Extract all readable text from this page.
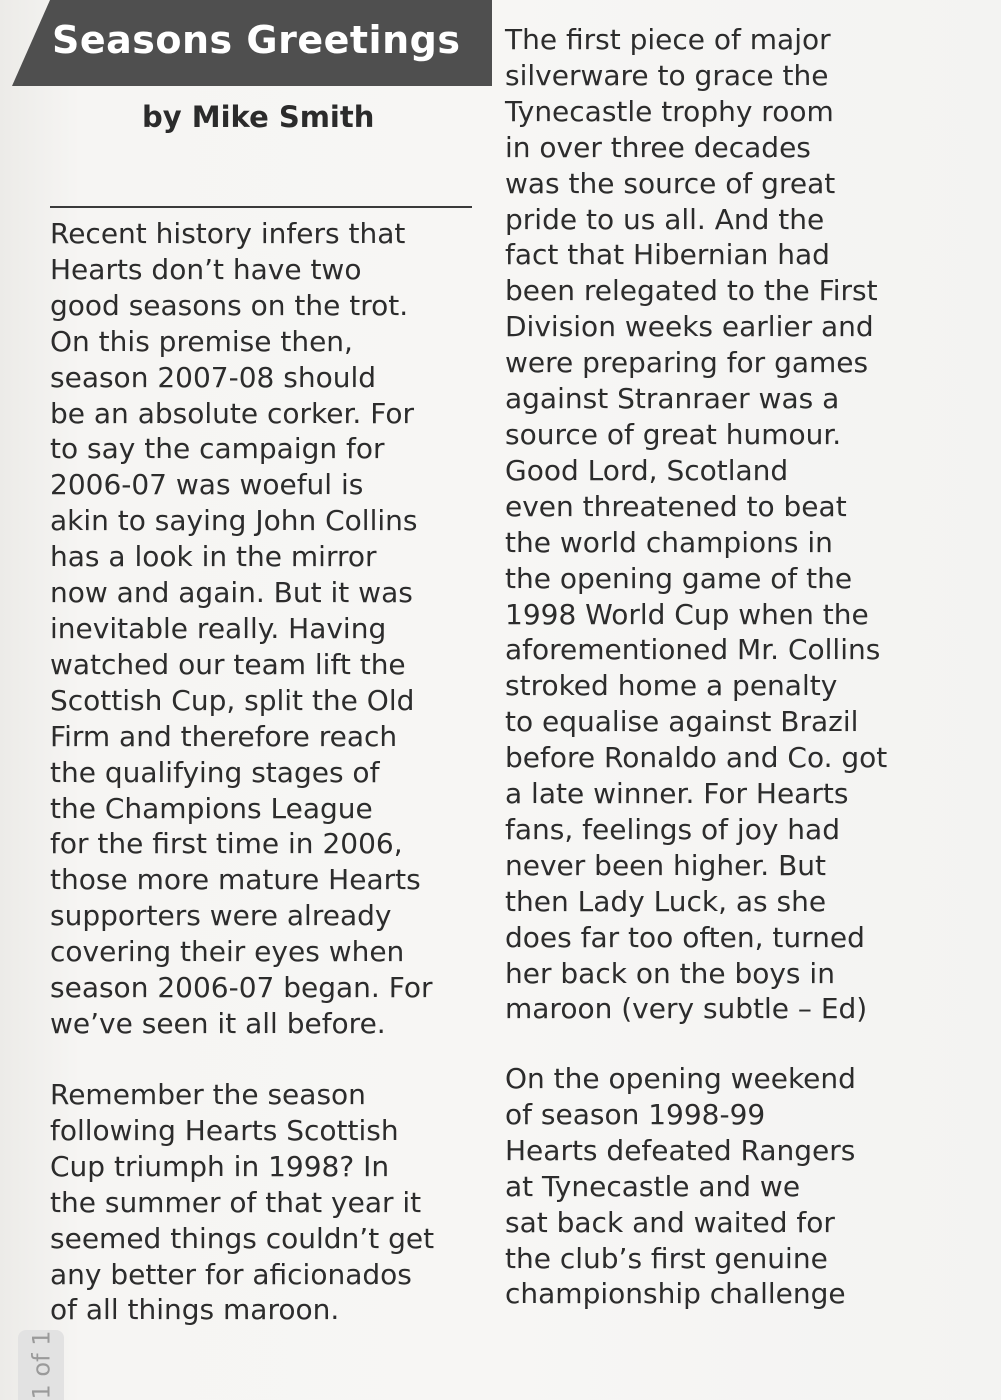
Seasons Greetings
by Mike Smith

Recent history infers that
Hearts don’t have two
good seasons on the trot.
On this premise then,
season 2007-08 should
be an absolute corker. For
to say the campaign for
2006-07 was woeful is
akin to saying John Collins
has a look in the mirror
now and again. But it was
inevitable really. Having
watched our team lift the
Scottish Cup, split the Old
Firm and therefore reach
the qualifying stages of
the Champions League
for the first time in 2006,
those more mature Hearts
supporters were already
covering their eyes when
season 2006-07 began. For
we’ve seen it all before.

Remember the season
following Hearts Scottish
Cup triumph in 1998? In
the summer of that year it
seemed things couldn’t get
any better for aficionados
of all things maroon.

The first piece of major
silverware to grace the
Tynecastle trophy room
in over three decades
was the source of great
pride to us all. And the
fact that Hibernian had
been relegated to the First
Division weeks earlier and
were preparing for games
against Stranraer was a
source of great humour.
Good Lord, Scotland
even threatened to beat
the world champions in
the opening game of the
1998 World Cup when the
aforementioned Mr. Collins
stroked home a penalty
to equalise against Brazil
before Ronaldo and Co. got
a late winner. For Hearts
fans, feelings of joy had
never been higher. But
then Lady Luck, as she
does far too often, turned
her back on the boys in
maroon (very subtle – Ed)

On the opening weekend
of season 1998-99
Hearts defeated Rangers
at Tynecastle and we
sat back and waited for
the club’s first genuine
championship challenge

1 of 1
